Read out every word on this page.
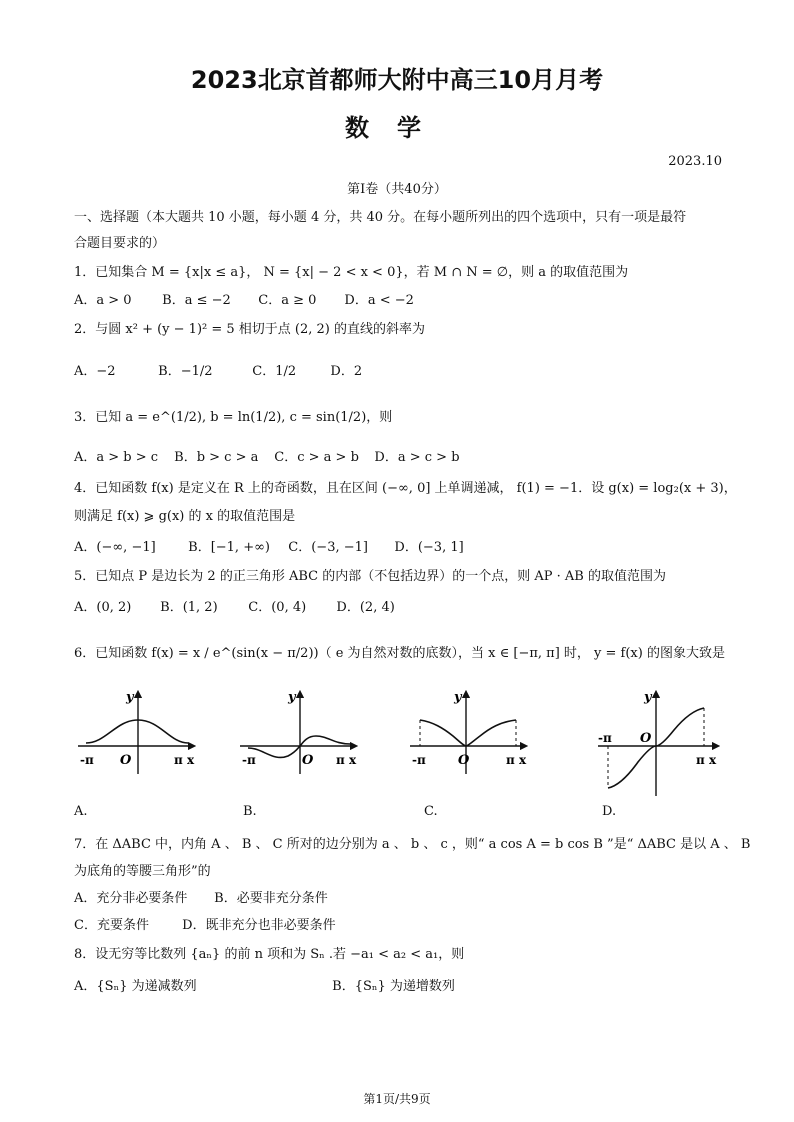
2023北京首都师大附中高三10月月考
数学
2023.10
第I卷（共40分）
一、选择题（本大题共 10 小题，每小题 4 分，共 40 分。在每小题所列出的四个选项中，只有一项是最符
合题目要求的）
1．已知集合 M = {x|x ≤ a}， N = {x| − 2 < x < 0}，若 M ∩ N = ∅，则 a 的取值范围为
A．a > 0 B．a ≤ −2 C．a ≥ 0 D．a < −2
2．与圆 x² + (y − 1)² = 5 相切于点 (2, 2) 的直线的斜率为
A．−2	B．−1/2	C．1/2	D．2
3．已知 a = e^(1/2), b = ln(1/2), c = sin(1/2)，则
A．a > b > c B．b > c > a C．c > a > b D．a > c > b
4．已知函数 f(x) 是定义在 R 上的奇函数，且在区间 (−∞, 0] 上单调递减， f(1) = −1．设 g(x) = log₂(x + 3)，
则满足 f(x) ⩾ g(x) 的 x 的取值范围是
A．(−∞, −1] B．[−1, +∞) C．(−3, −1] D．(−3, 1]
5．已知点 P 是边长为 2 的正三角形 ABC 的内部（不包括边界）的一个点，则 AP · AB 的取值范围为
A．(0, 2) B．(1, 2) C．(0, 4) D．(2, 4)
6．已知函数 f(x) = x / e^(sin(x − π/2))（ e 为自然对数的底数），当 x ∈ [−π, π] 时， y = f(x) 的图象大致是
y
-π O	π x
y
-π	O π x
y
-π O	π x
y
-π O
π x
A.	B.	C.	D.
7．在 ΔABC 中，内角 A 、 B 、 C 所对的边分别为 a 、 b 、 c ，则“ a cos A = b cos B ”是“ ΔABC 是以 A 、 B
为底角的等腰三角形”的
A．充分非必要条件 B．必要非充分条件
C．充要条件	D．既非充分也非必要条件
8．设无穷等比数列 {aₙ} 的前 n 项和为 Sₙ .若 −a₁ < a₂ < a₁，则
A．{Sₙ} 为递减数列	B．{Sₙ} 为递增数列
第1页/共9页
